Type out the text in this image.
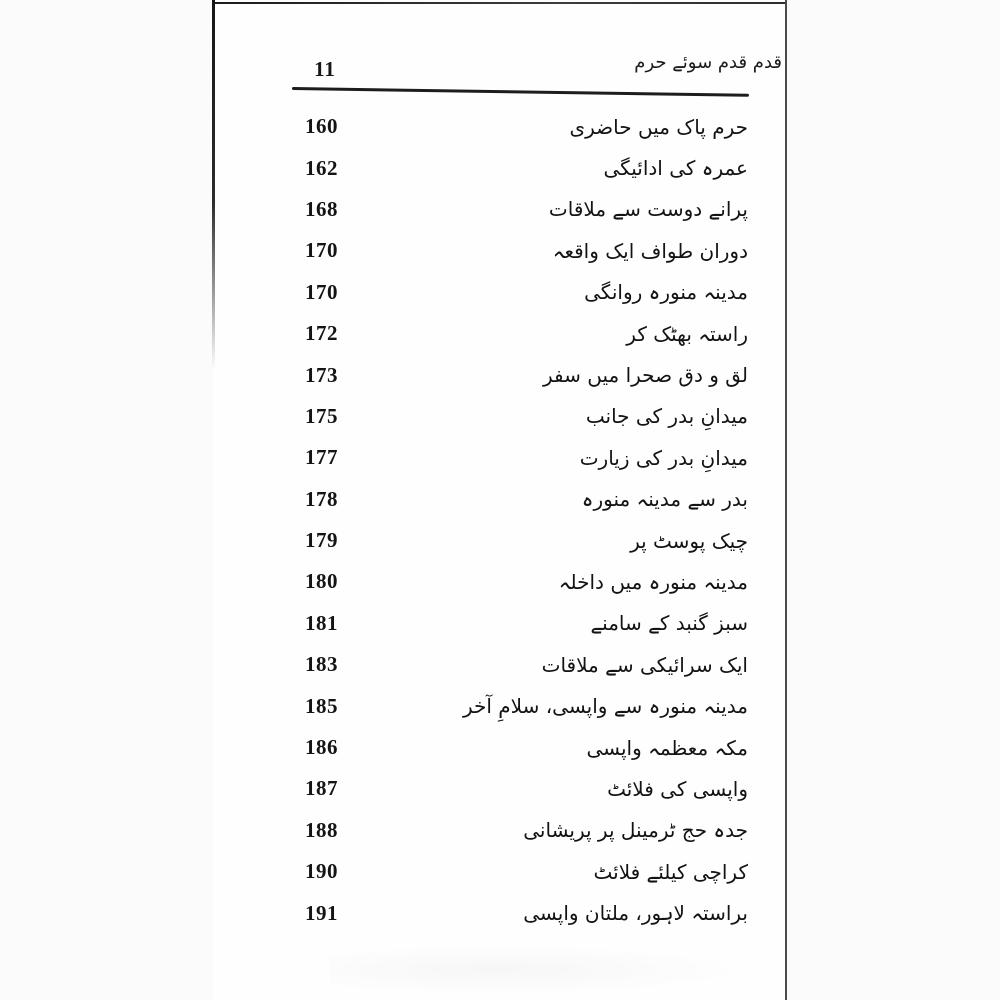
11	قدم قدم سوئے حرم
160	حرم پاک میں حاضری
162	عمرہ کی ادائیگی
168	پرانے دوست سے ملاقات
170	دوران طواف ایک واقعہ
170	مدینہ منورہ روانگی
172	راستہ بھٹک کر
173	لق و دق صحرا میں سفر
175	میدانِ بدر کی جانب
177	میدانِ بدر کی زیارت
178	بدر سے مدینہ منورہ
179	چیک پوسٹ پر
180	مدینہ منورہ میں داخلہ
181	سبز گنبد کے سامنے
183	ایک سرائیکی سے ملاقات
185	مدینہ منورہ سے واپسی، سلامِ آخر
186	مکہ معظمہ واپسی
187	واپسی کی فلائٹ
188	جدہ حج ٹرمینل پر پریشانی
190	کراچی کیلئے فلائٹ
191	براستہ لاہور، ملتان واپسی
